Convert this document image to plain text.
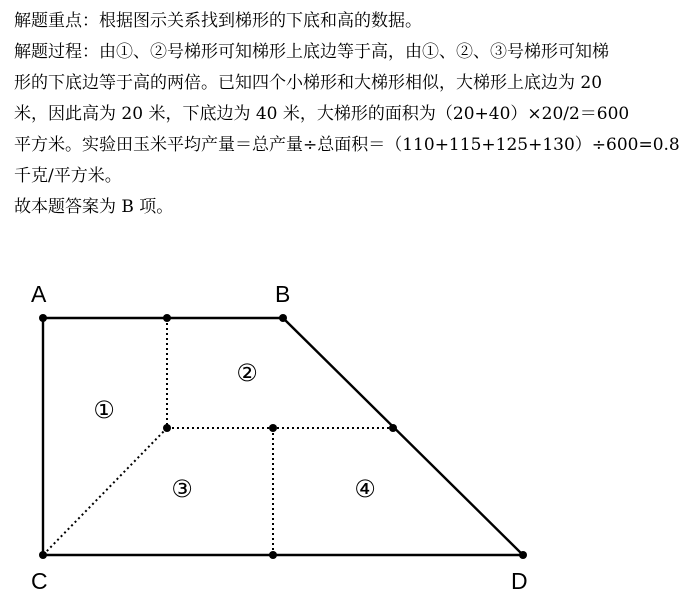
解题重点：根据图示关系找到梯形的下底和高的数据。
解题过程：由①、②号梯形可知梯形上底边等于高，由①、②、③号梯形可知梯
形的下底边等于高的两倍。已知四个小梯形和大梯形相似，大梯形上底边为 20
米，因此高为 20 米，下底边为 40 米，大梯形的面积为（20+40）×20/2＝600
平方米。实验田玉米平均产量＝总产量÷总面积＝（110+115+125+130）÷600=0.8
千克/平方米。
故本题答案为 B 项。
A	B
C	D
①
②
③	④
